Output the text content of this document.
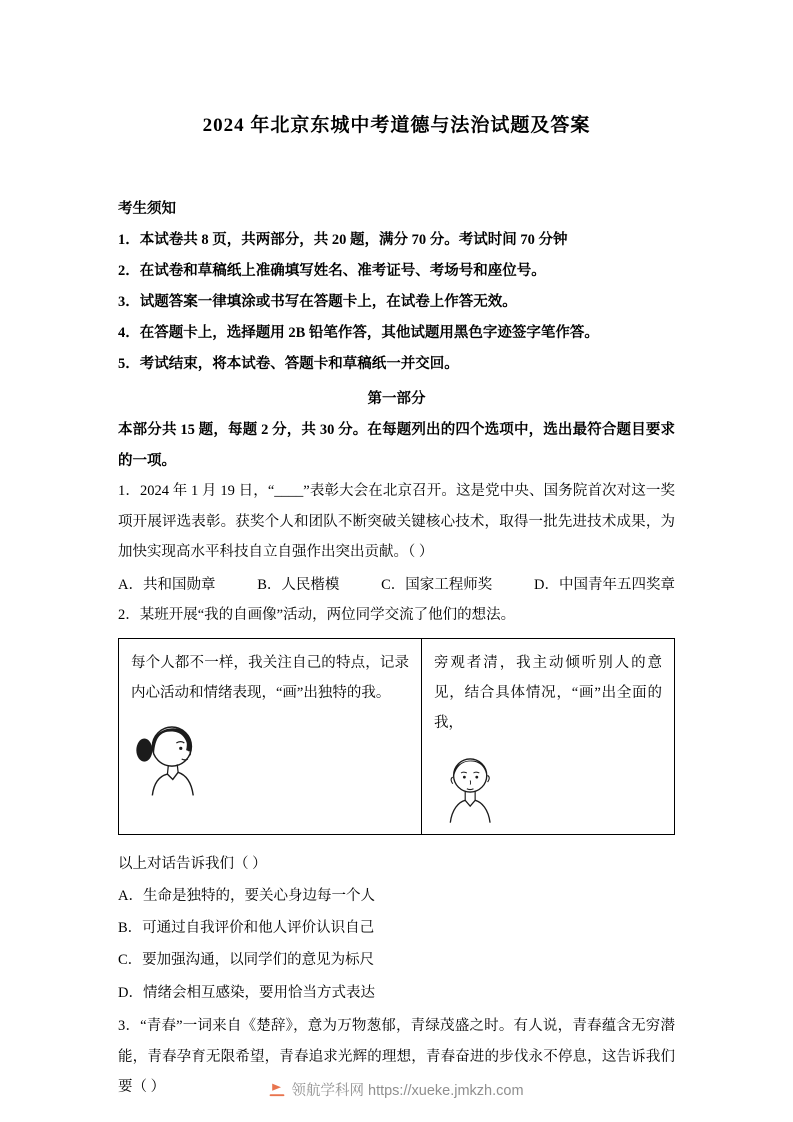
2024 年北京东城中考道德与法治试题及答案

考生须知

1．本试卷共 8 页，共两部分，共 20 题，满分 70 分。考试时间 70 分钟

2．在试卷和草稿纸上准确填写姓名、准考证号、考场号和座位号。

3．试题答案一律填涂或书写在答题卡上，在试卷上作答无效。

4．在答题卡上，选择题用 2B 铅笔作答，其他试题用黑色字迹签字笔作答。

5．考试结束，将本试卷、答题卡和草稿纸一并交回。

第一部分

本部分共 15 题，每题 2 分，共 30 分。在每题列出的四个选项中，选出最符合题目要求的一项。

1．2024 年 1 月 19 日，“____”表彰大会在北京召开。这是党中央、国务院首次对这一奖项开展评选表彰。获奖个人和团队不断突破关键核心技术，取得一批先进技术成果，为加快实现高水平科技自立自强作出突出贡献。（ ）

A．共和国勋章	B．人民楷模	C．国家工程师奖	D．中国青年五四奖章

2．某班开展“我的自画像”活动，两位同学交流了他们的想法。

每个人都不一样，我关注自己的特点，记录内心活动和情绪表现，“画”出独特的我。

旁观者清，我主动倾听别人的意见，结合具体情况，“画”出全面的我，

以上对话告诉我们（ ）

A．生命是独特的，要关心身边每一个人

B．可通过自我评价和他人评价认识自己

C．要加强沟通，以同学们的意见为标尺

D．情绪会相互感染，要用恰当方式表达

3．“青春”一词来自《楚辞》，意为万物葱郁，青绿茂盛之时。有人说，青春蕴含无穷潜能，青春孕育无限希望，青春追求光辉的理想，青春奋进的步伐永不停息，这告诉我们要（ ）	领航学科网 https://xueke.jmkzh.com
